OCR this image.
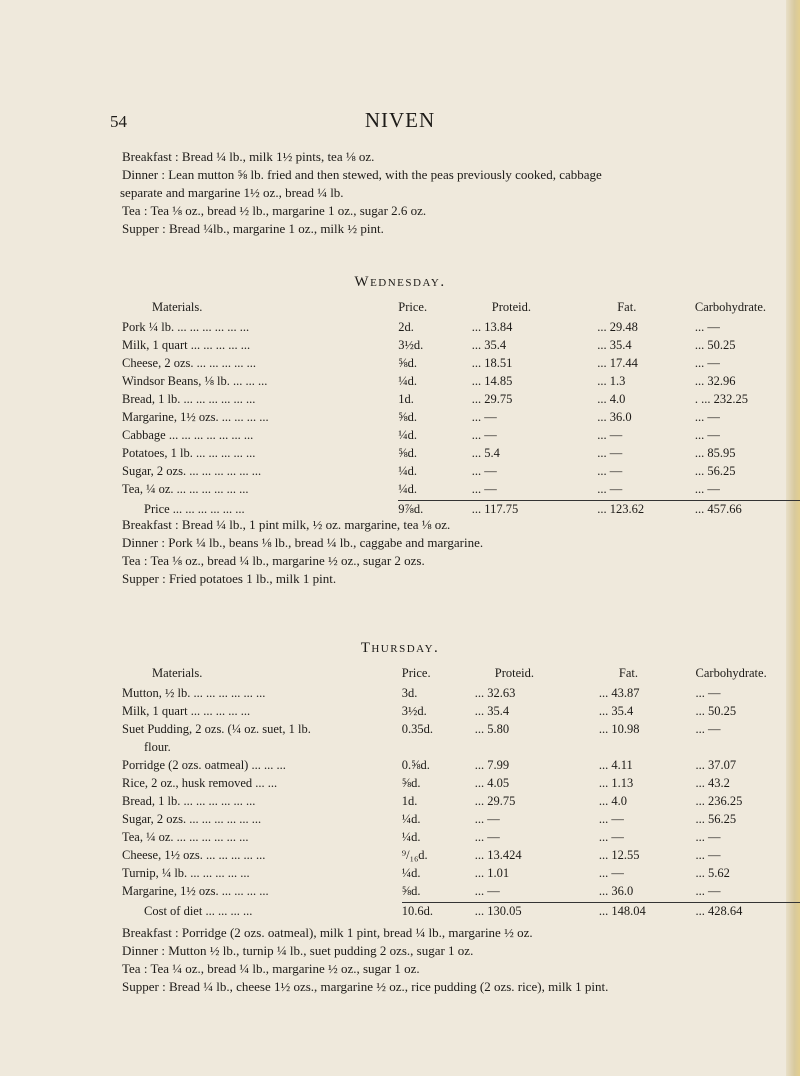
54	NIVEN

Breakfast : Bread ¼ lb., milk 1½ pints, tea ⅛ oz.

Dinner : Lean mutton ⅝ lb. fried and then stewed, with the peas previously cooked, cabbage

separate and margarine 1½ oz., bread ¼ lb.

Tea : Tea ⅛ oz., bread ½ lb., margarine 1 oz., sugar 2.6 oz.

Supper : Bread ¼lb., margarine 1 oz., milk ½ pint.

Wednesday.
Materials.	Price.	Proteid.	Fat.	Carbohydrate.
Pork ¼ lb. ... ... ... ... ... ...	2d.	... 13.84	... 29.48	... —
Milk, 1 quart ... ... ... ... ...	3½d.	... 35.4	... 35.4	... 50.25
Cheese, 2 ozs. ... ... ... ... ...	⅝d.	... 18.51	... 17.44	... —
Windsor Beans, ⅛ lb. ... ... ...	¼d.	... 14.85	... 1.3	... 32.96
Bread, 1 lb. ... ... ... ... ... ...	1d.	... 29.75	... 4.0	. ... 232.25
Margarine, 1½ ozs. ... ... ... ...	⅝d.	... —	... 36.0	... —
Cabbage ... ... ... ... ... ... ...	¼d.	... —	... —	... —
Potatoes, 1 lb. ... ... ... ... ...	⅝d.	... 5.4	... —	... 85.95
Sugar, 2 ozs. ... ... ... ... ... ...	¼d.	... —	... —	... 56.25
Tea, ¼ oz. ... ... ... ... ... ...	¼d.	... —	... —	... —
Price ... ... ... ... ... ...	9⅞d.	... 117.75	... 123.62	... 457.66

Breakfast : Bread ¼ lb., 1 pint milk, ½ oz. margarine, tea ⅛ oz.

Dinner : Pork ¼ lb., beans ⅛ lb., bread ¼ lb., caggabe and margarine.

Tea : Tea ⅛ oz., bread ¼ lb., margarine ½ oz., sugar 2 ozs.

Supper : Fried potatoes 1 lb., milk 1 pint.

Thursday.
Materials.	Price.	Proteid.	Fat.	Carbohydrate.
Mutton, ½ lb. ... ... ... ... ... ...	3d.	... 32.63	... 43.87	... —
Milk, 1 quart ... ... ... ... ...	3½d.	... 35.4	... 35.4	... 50.25
Suet Pudding, 2 ozs. (¼ oz. suet, 1 lb.	0.35d.	... 5.80	... 10.98	... —
flour.				
Porridge (2 ozs. oatmeal) ... ... ...	0.⅝d.	... 7.99	... 4.11	... 37.07
Rice, 2 oz., husk removed ... ...	⅝d.	... 4.05	... 1.13	... 43.2
Bread, 1 lb. ... ... ... ... ... ...	1d.	... 29.75	... 4.0	... 236.25
Sugar, 2 ozs. ... ... ... ... ... ...	¼d.	... —	... —	... 56.25
Tea, ¼ oz. ... ... ... ... ... ...	¼d.	... —	... —	... —
Cheese, 1½ ozs. ... ... ... ... ...	⁹/₁₆d.	... 13.424	... 12.55	... —
Turnip, ¼ lb. ... ... ... ... ...	¼d.	... 1.01	... —	... 5.62
Margarine, 1½ ozs. ... ... ... ...	⅝d.	... —	... 36.0	... —
Cost of diet ... ... ... ...	10.6d.	... 130.05	... 148.04	... 428.64

Breakfast : Porridge (2 ozs. oatmeal), milk 1 pint, bread ¼ lb., margarine ½ oz.

Dinner : Mutton ½ lb., turnip ¼ lb., suet pudding 2 ozs., sugar 1 oz.

Tea : Tea ¼ oz., bread ¼ lb., margarine ½ oz., sugar 1 oz.

Supper : Bread ¼ lb., cheese 1½ ozs., margarine ½ oz., rice pudding (2 ozs. rice), milk 1 pint.
